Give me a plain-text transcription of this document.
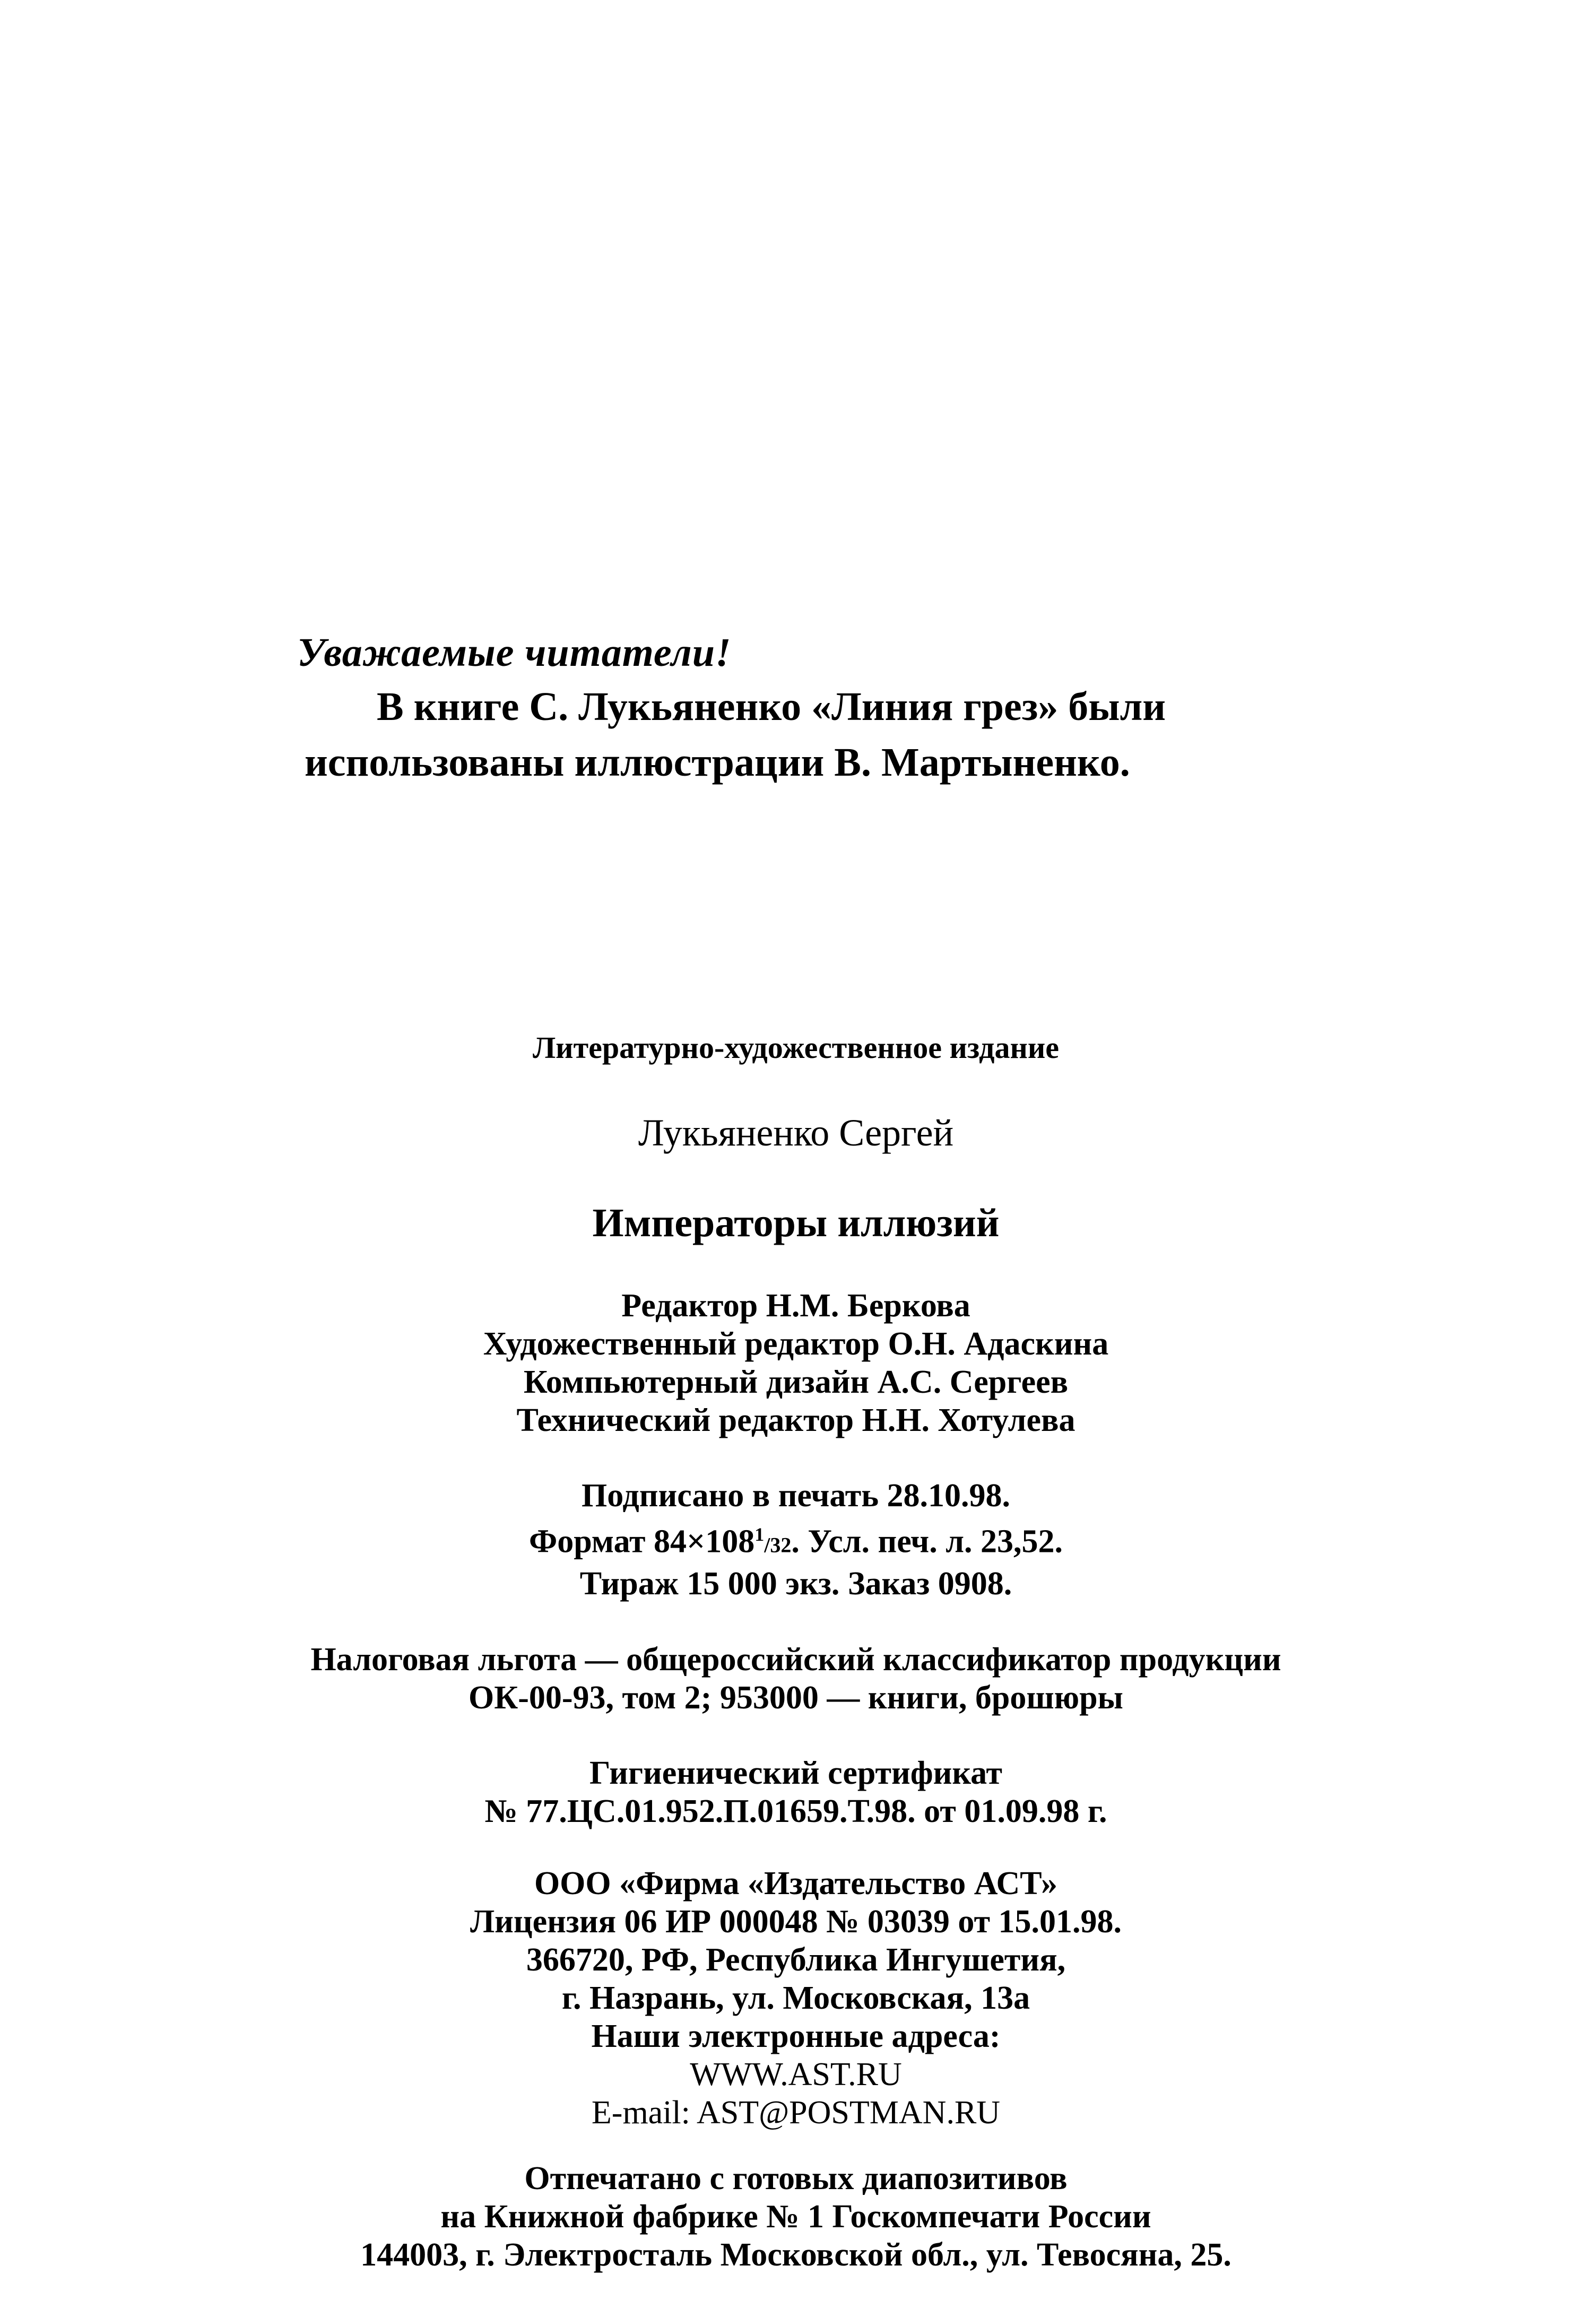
Уважаемые читатели!

В книге С. Лукьяненко «Линия грез» были

использованы иллюстрации В. Мартыненко.

Литературно-художественное издание

Лукьяненко Сергей

Императоры иллюзий

Редактор Н.М. Беркова

Художественный редактор О.Н. Адаскина

Компьютерный дизайн А.С. Сергеев

Технический редактор Н.Н. Хотулева

Подписано в печать 28.10.98.

Формат $84\times 108^1/32$. Усл. печ. л. 23,52.

Тираж 15 000 экз. Заказ 0908.

Налоговая льгота — общероссийский классификатор продукции

ОК-00-93, том 2; 953000 — книги, брошюры

Гигиенический сертификат

№ 77.ЦС.01.952.П.01659.Т.98. от 01.09.98 г.

ООО «Фирма «Издательство АСТ»

Лицензия 06 ИР 000048 № 03039 от 15.01.98.

366720, РФ, Республика Ингушетия,

г. Назрань, ул. Московская, 13а

Наши электронные адреса:

WWW.AST.RU

E-mail: AST@POSTMAN.RU

Отпечатано с готовых диапозитивов

на Книжной фабрике № 1 Госкомпечати России

144003, г. Электросталь Московской обл., ул. Тевосяна, 25.
